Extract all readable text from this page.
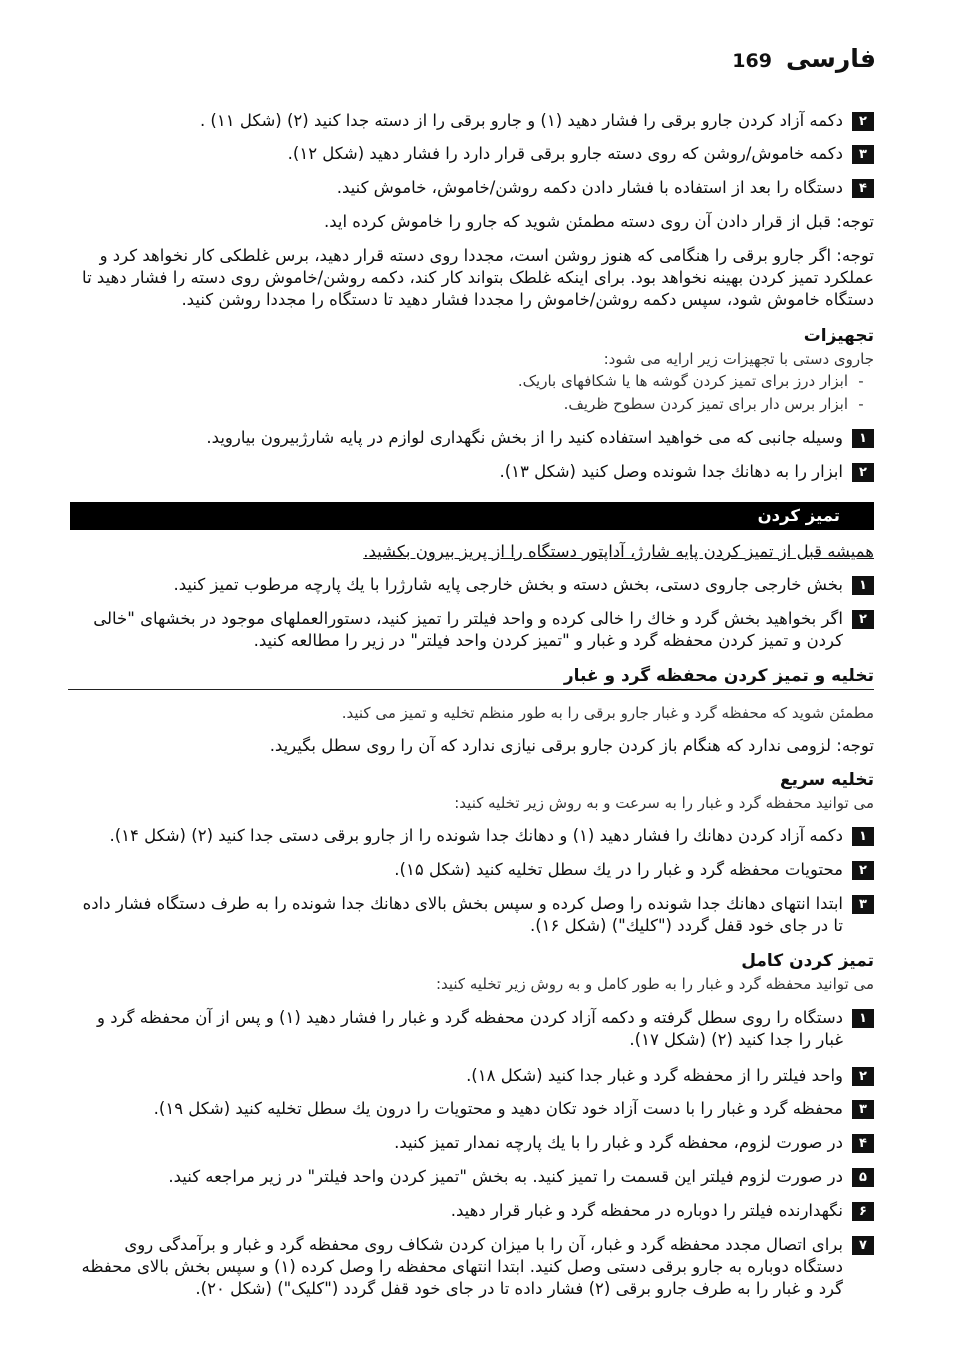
169 فارسی
۲
دکمه آزاد کردن جارو برقی را فشار دهید (۱) و جارو برقی را از دسته جدا کنید (۲) (شکل ۱۱) .
۳
دکمه خاموش/روشن که روی دسته جارو برقی قرار دارد را فشار دهید (شکل ۱۲).
۴
دستگاه را بعد از استفاده با فشار دادن دکمه روشن/خاموش، خاموش کنید.
توجه: قبل از قرار دادن آن روی دسته مطمئن شوید که جارو را خاموش کرده اید.
توجه: اگر جارو برقی را هنگامی که هنوز روشن است، مجددا روی دسته قرار دهید، برس غلطکی کار نخواهد کرد و عملکرد تمیز کردن بهینه نخواهد بود. برای اینکه غلطک بتواند کار کند، دکمه روشن/خاموش روی دسته را فشار دهید تا دستگاه خاموش شود، سپس دکمه روشن/خاموش را مجددا فشار دهید تا دستگاه را مجددا روشن کنید.
تجهیزات
جاروی دستی با تجهیزات زیر ارایه می شود:
-
ابزار درز برای تمیز کردن گوشه ها یا شکافهای باریک.
-
ابزار برس دار برای تمیز کردن سطوح ظریف.
۱
وسیله جانبی که می خواهید استفاده کنید را از بخش نگهداری لوازم در پایه شارژبیرون بیاروید.
۲
ابزار را به دهانك جدا شونده وصل كنيد (شكل ۱۳).
تمیز کردن
همیشه قبل از تمیز کردن پایه شارژ، آداپتور دستگاه را از پریز بیرون بکشید.
۱
بخش خارجی جاروی دستی، بخش دسته و بخش خارجی پایه شارژرا با یك پارچه مرطوب تمیز کنید.
۲
اگر بخواهید بخش گرد و خاك را خالی كرده و واحد فیلتر را تمیز كنید، دستورالعملهای موجود در بخشهای "خالی کردن و تمیز کردن محفظه گرد و غبار و "تمیز کردن واحد فیلتر" در زیر را مطالعه كنید.
تخلیه و تمیز کردن محفظه گرد و غبار
مطمئن شوید که محفظه گرد و غبار جارو برقی را به طور منظم تخلیه و تمیز می کنید.
توجه: لزومی ندارد که هنگام باز کردن جارو برقی نیازی ندارد که آن را روی سطل بگیرید.
تخلیه سریع
می توانید محفظه گرد و غبار را به سرعت و به روش زیر تخلیه کنید:
۱
دكمه آزاد كردن دهانك را فشار دهيد (۱) و دهانك جدا شونده را از جارو برقى دستى جدا كنيد (۲) (شكل ۱۴).
۲
محتویات محفظه گرد و غبار را در یك سطل تخلیه كنید (شكل ۱۵).
۳
ابتدا انتهای دهانك جدا شونده را وصل كرده و سپس بخش بالای دهانك جدا شونده را به طرف دستگاه فشار داده تا در جای خود قفل گردد ("کلیك") (شكل ۱۶).
تمیز کردن کامل
می توانید محفظه گرد و غبار را به طور کامل و به روش زیر تخلیه کنید:
۱
دستگاه را روی سطل گرفته و دکمه آزاد کردن محفظه گرد و غبار را فشار دهید (۱) و پس از آن محفظه گرد و غبار را جدا کنید (۲) (شکل ۱۷).
۲
واحد فیلتر را از محفظه گرد و غبار جدا کنید (شکل ۱۸).
۳
محفظه گرد و غبار را با دست آزاد خود تكان دهيد و محتويات را درون يك سطل تخليه كنيد (شكل ۱۹).
۴
در صورت لزوم، محفظه گرد و غبار را با یك پارچه نمدار تمیز کنید.
۵
در صورت لزوم فیلتر این قسمت را تمیز کنید. به بخش "تمیز کردن واحد فیلتر" در زیر مراجعه کنید.
۶
نگهدارنده فیلتر را دوباره در محفظه گرد و غبار قرار دهید.
۷
برای اتصال مجدد محفظه گرد و غبار، آن را با میزان کردن شکاف روی محفظه گرد و غبار و برآمدگی روی دستگاه دوباره به جارو برقی دستی وصل کنید. ابتدا انتهای محفظه را وصل کرده (۱) و سپس بخش بالای محفظه گرد و غبار را به طرف جارو برقی (۲) فشار داده تا در جای خود قفل گردد ("کلیک") (شکل ۲۰).
